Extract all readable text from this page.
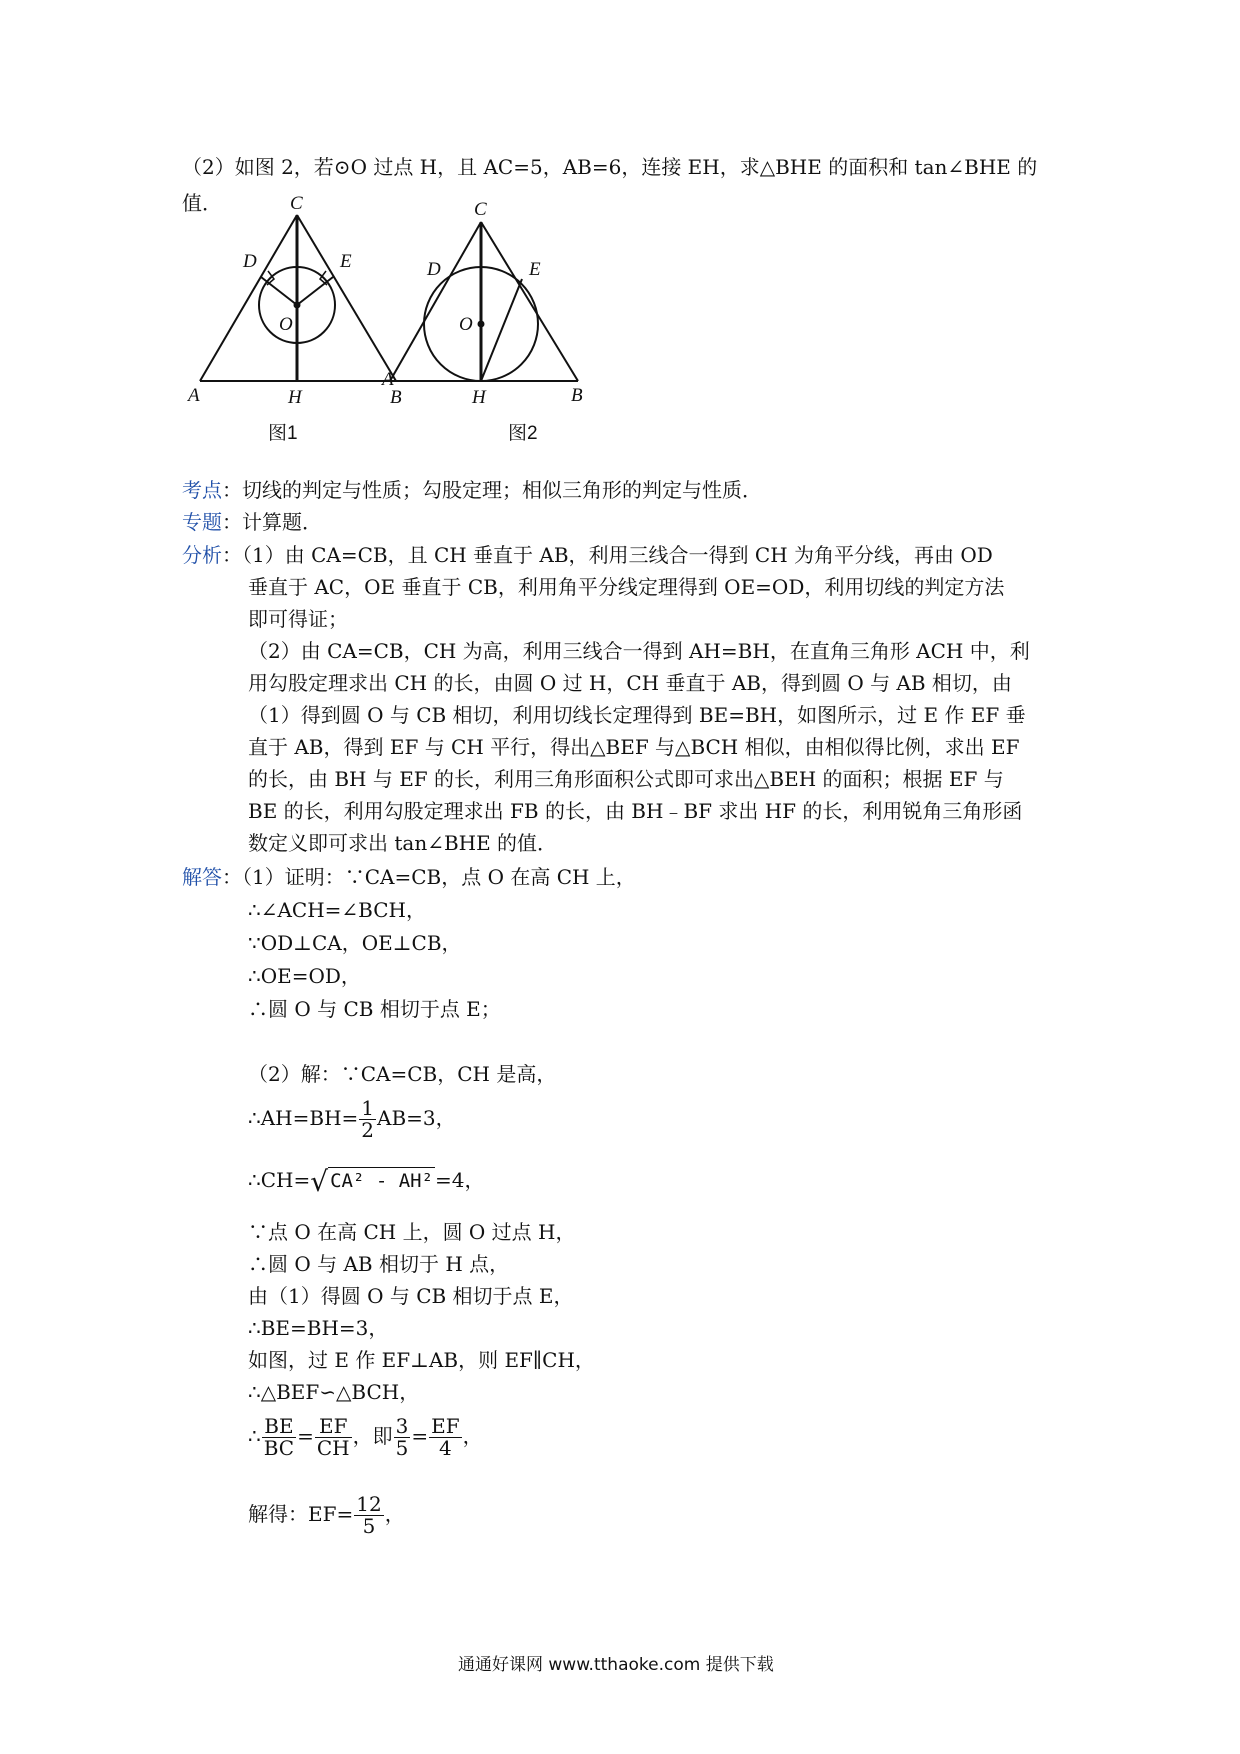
（2）如图 2，若⊙O 过点 H，且 AC=5，AB=6，连接 EH，求△BHE 的面积和 tan∠BHE 的
值．	C
D	E
O
A	H	B
C
D	E
O
A
H	B
图1	图2
考点：切线的判定与性质；勾股定理；相似三角形的判定与性质．
专题：计算题．
分析：（1）由 CA=CB，且 CH 垂直于 AB，利用三线合一得到 CH 为角平分线，再由 OD
垂直于 AC，OE 垂直于 CB，利用角平分线定理得到 OE=OD，利用切线的判定方法
即可得证；
（2）由 CA=CB，CH 为高，利用三线合一得到 AH=BH，在直角三角形 ACH 中，利
用勾股定理求出 CH 的长，由圆 O 过 H，CH 垂直于 AB，得到圆 O 与 AB 相切，由
（1）得到圆 O 与 CB 相切，利用切线长定理得到 BE=BH，如图所示，过 E 作 EF 垂
直于 AB，得到 EF 与 CH 平行，得出△BEF 与△BCH 相似，由相似得比例，求出 EF
的长，由 BH 与 EF 的长，利用三角形面积公式即可求出△BEH 的面积；根据 EF 与
BE 的长，利用勾股定理求出 FB 的长，由 BH﹣BF 求出 HF 的长，利用锐角三角形函
数定义即可求出 tan∠BHE 的值．
解答：（1）证明：∵CA=CB，点 O 在高 CH 上，
∴∠ACH=∠BCH，
∵OD⊥CA，OE⊥CB，
∴OE=OD，
∴圆 O 与 CB 相切于点 E；
（2）解：∵CA=CB，CH 是高，
∴AH=BH= $\frac{1}{2} AB=3$，
∴CH=√ CA² - AH² =4，
∵点 O 在高 CH 上，圆 O 过点 H，
∴圆 O 与 AB 相切于 H 点，
由（1）得圆 O 与 CB 相切于点 E，
∴BE=BH=3，
如图，过 E 作 EF⊥AB，则 EF∥CH，
∴△BEF∽△BCH，
∴ $\frac{BE}{BC} = \frac{EF}{CH}$ ，即 $\frac{3}{5} = \frac{EF}{4}$ ，
解得：$EF= \frac{12}{5}$ ，
通通好课网 www.tthaoke.com 提供下载
